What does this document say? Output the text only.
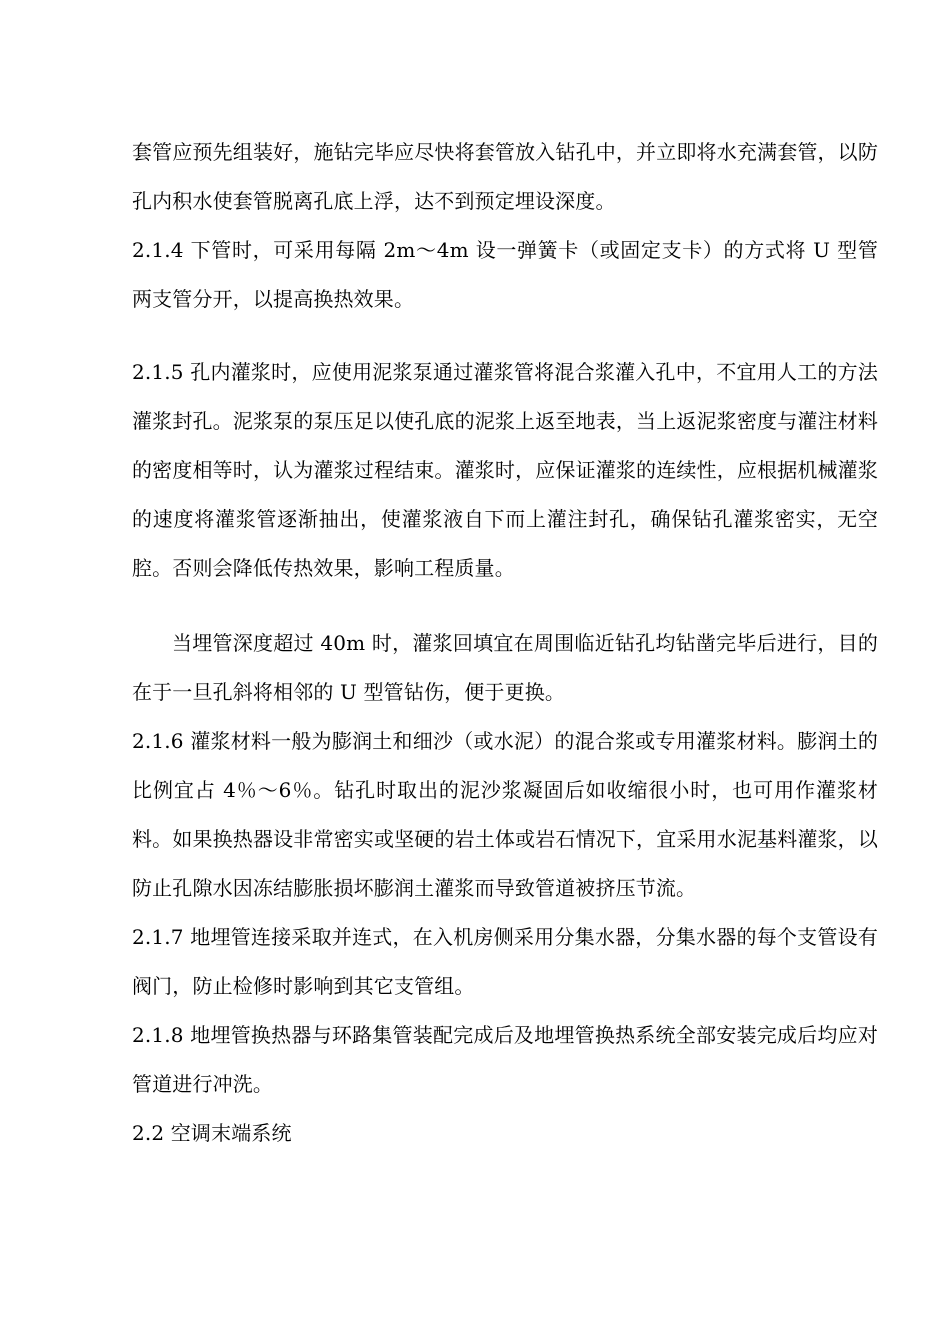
套管应预先组装好，施钻完毕应尽快将套管放入钻孔中，并立即将水充满套管，以防孔内积水使套管脱离孔底上浮，达不到预定埋设深度。

2.1.4 下管时，可采用每隔 2m～4m 设一弹簧卡（或固定支卡）的方式将 U 型管两支管分开，以提高换热效果。

2.1.5 孔内灌浆时，应使用泥浆泵通过灌浆管将混合浆灌入孔中，不宜用人工的方法灌浆封孔。泥浆泵的泵压足以使孔底的泥浆上返至地表，当上返泥浆密度与灌注材料的密度相等时，认为灌浆过程结束。灌浆时，应保证灌浆的连续性，应根据机械灌浆的速度将灌浆管逐渐抽出，使灌浆液自下而上灌注封孔，确保钻孔灌浆密实，无空腔。否则会降低传热效果，影响工程质量。

当埋管深度超过 40m 时，灌浆回填宜在周围临近钻孔均钻凿完毕后进行，目的在于一旦孔斜将相邻的 U 型管钻伤，便于更换。

2.1.6 灌浆材料一般为膨润土和细沙（或水泥）的混合浆或专用灌浆材料。膨润土的比例宜占 4％～6％。钻孔时取出的泥沙浆凝固后如收缩很小时，也可用作灌浆材料。如果换热器设非常密实或坚硬的岩土体或岩石情况下，宜采用水泥基料灌浆，以防止孔隙水因冻结膨胀损坏膨润土灌浆而导致管道被挤压节流。

2.1.7 地埋管连接采取并连式，在入机房侧采用分集水器，分集水器的每个支管设有阀门，防止检修时影响到其它支管组。

2.1.8 地埋管换热器与环路集管装配完成后及地埋管换热系统全部安装完成后均应对管道进行冲洗。

2.2 空调末端系统
